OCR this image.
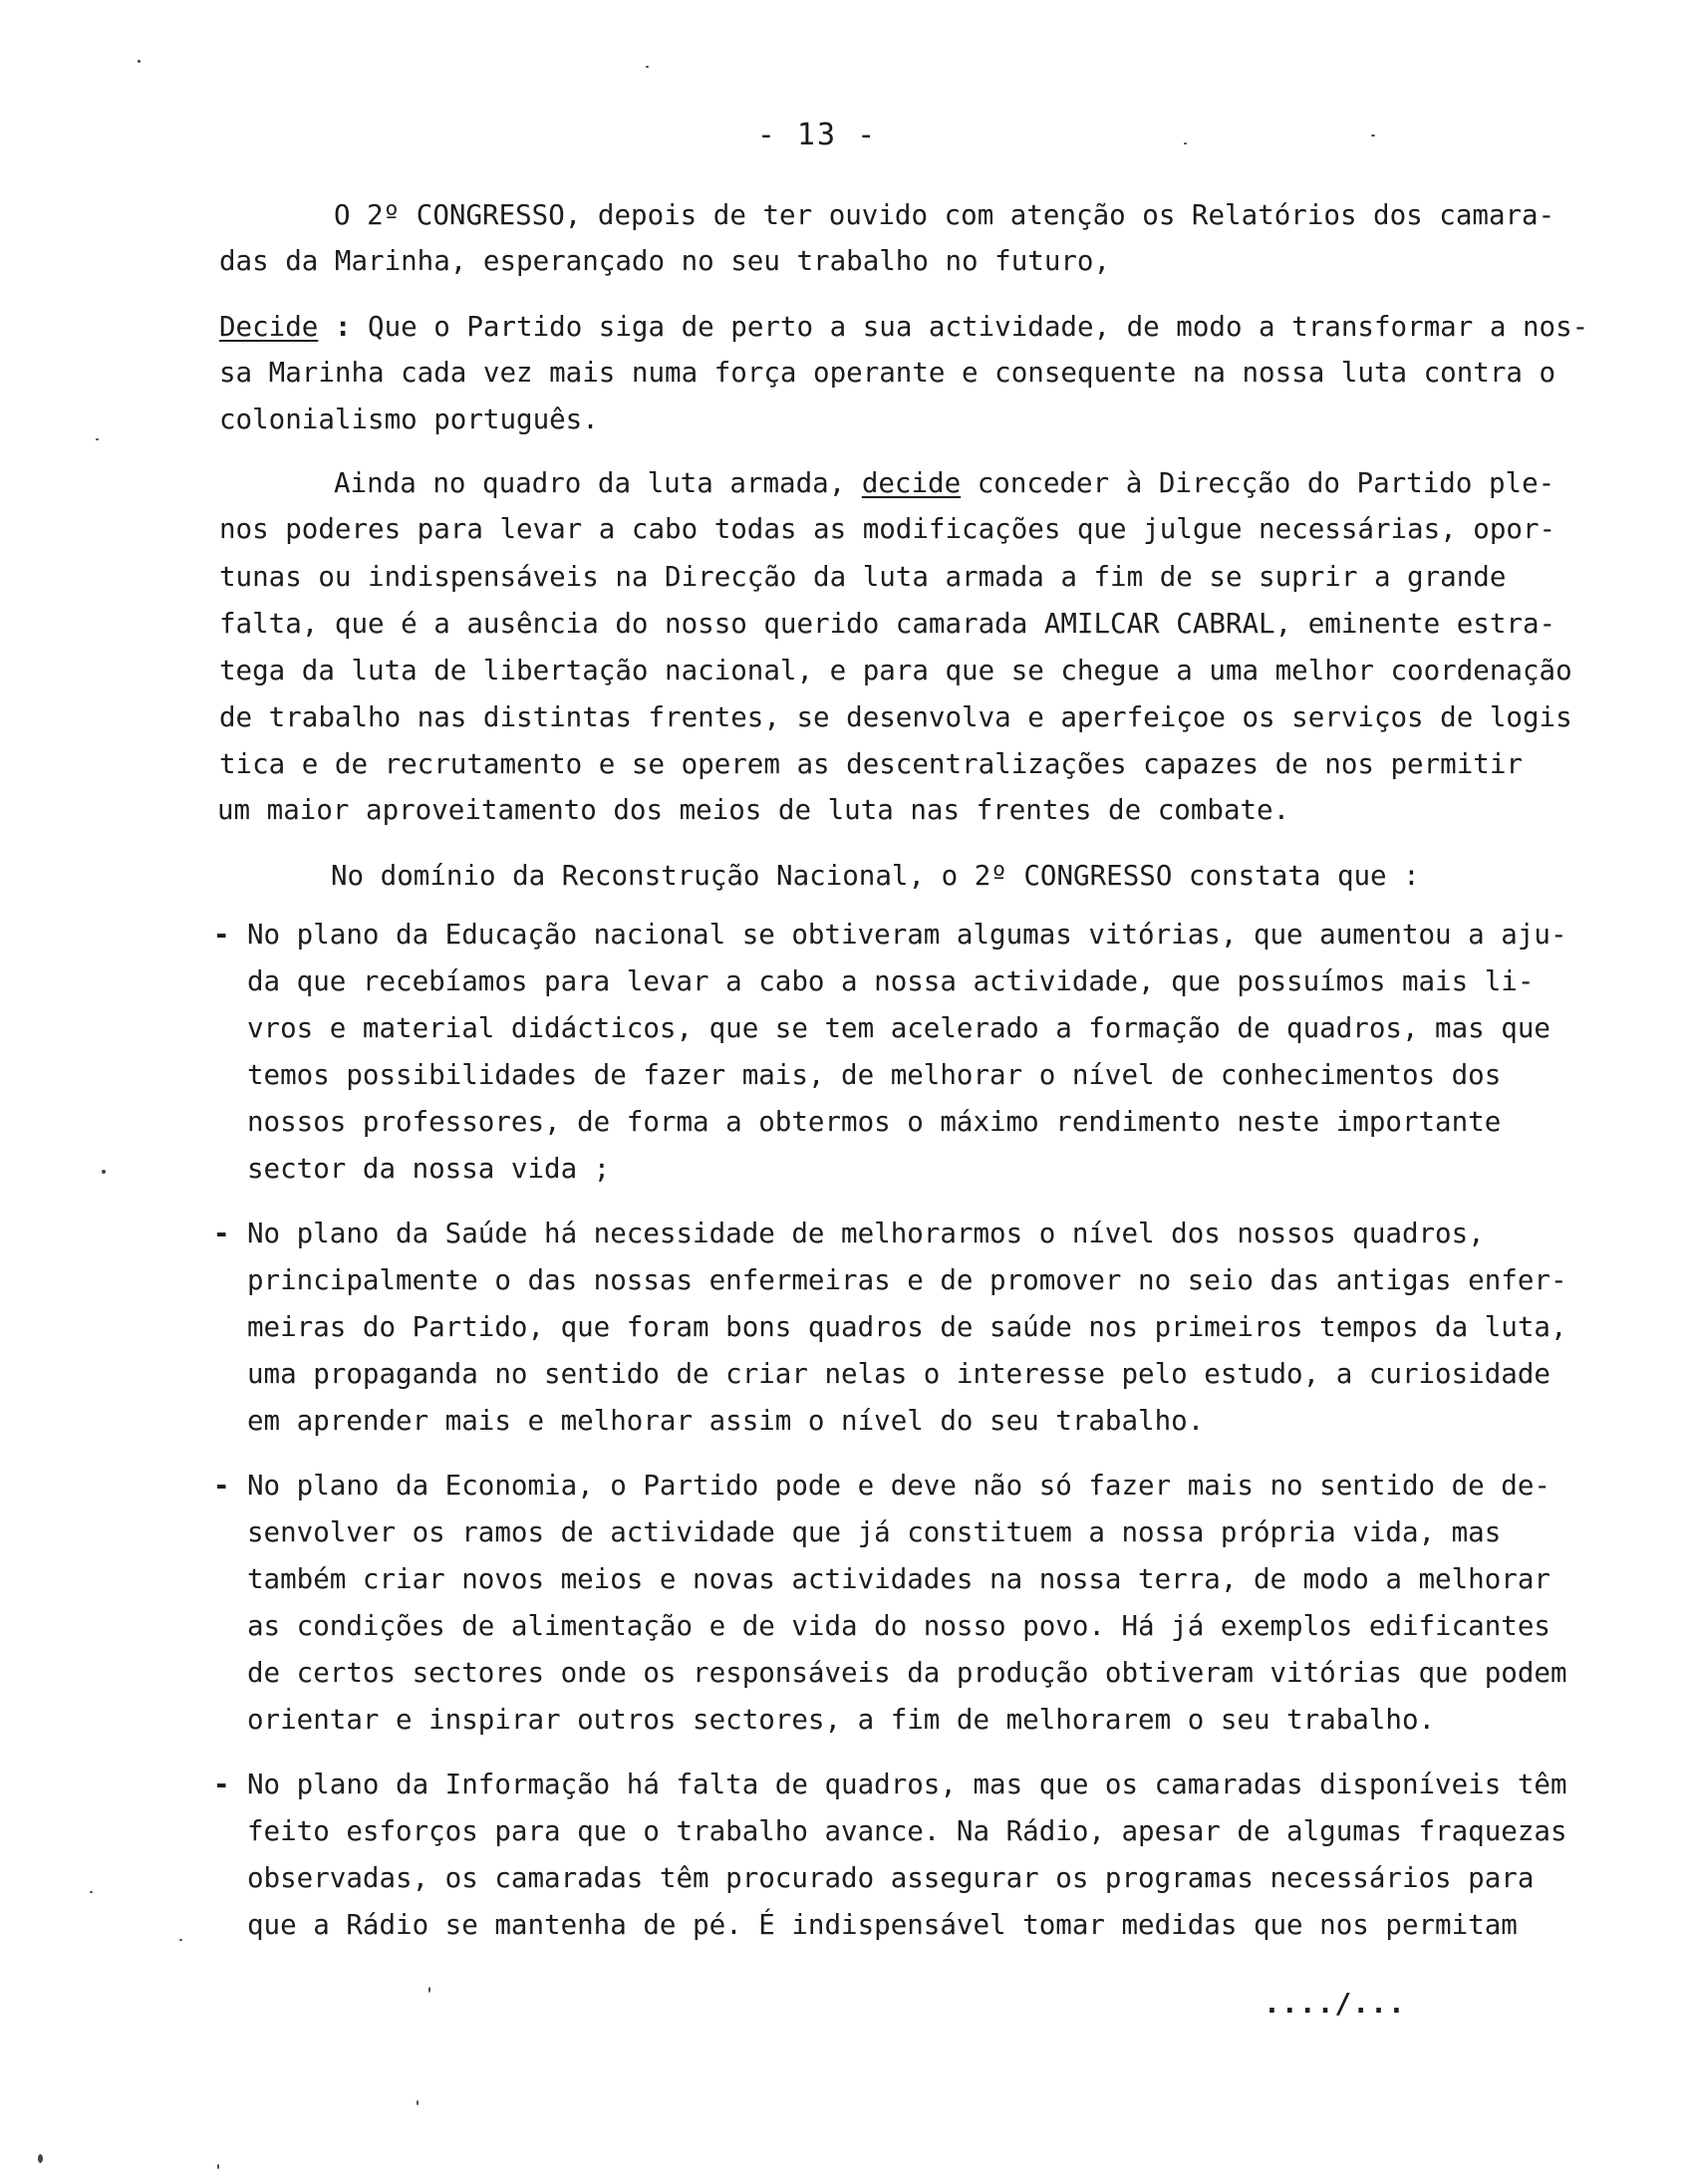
- 13 -
O 2º CONGRESSO, depois de ter ouvido com atenção os Relatórios dos camara-
das da Marinha, esperançado no seu trabalho no futuro,
Decide : Que o Partido siga de perto a sua actividade, de modo a transformar a nos-
sa Marinha cada vez mais numa força operante e consequente na nossa luta contra o
colonialismo português.
Ainda no quadro da luta armada, decide conceder à Direcção do Partido ple-
nos poderes para levar a cabo todas as modificações que julgue necessárias, opor-
tunas ou indispensáveis na Direcção da luta armada a fim de se suprir a grande
falta, que é a ausência do nosso querido camarada AMILCAR CABRAL, eminente estra-
tega da luta de libertação nacional, e para que se chegue a uma melhor coordenação
de trabalho nas distintas frentes, se desenvolva e aperfeiçoe os serviços de logis
tica e de recrutamento e se operem as descentralizações capazes de nos permitir
um maior aproveitamento dos meios de luta nas frentes de combate.
No domínio da Reconstrução Nacional, o 2º CONGRESSO constata que :
- No plano da Educação nacional se obtiveram algumas vitórias, que aumentou a aju-
da que recebíamos para levar a cabo a nossa actividade, que possuímos mais li-
vros e material didácticos, que se tem acelerado a formação de quadros, mas que
temos possibilidades de fazer mais, de melhorar o nível de conhecimentos dos
nossos professores, de forma a obtermos o máximo rendimento neste importante
sector da nossa vida ;
- No plano da Saúde há necessidade de melhorarmos o nível dos nossos quadros,
principalmente o das nossas enfermeiras e de promover no seio das antigas enfer-
meiras do Partido, que foram bons quadros de saúde nos primeiros tempos da luta,
uma propaganda no sentido de criar nelas o interesse pelo estudo, a curiosidade
em aprender mais e melhorar assim o nível do seu trabalho.
- No plano da Economia, o Partido pode e deve não só fazer mais no sentido de de-
senvolver os ramos de actividade que já constituem a nossa própria vida, mas
também criar novos meios e novas actividades na nossa terra, de modo a melhorar
as condições de alimentação e de vida do nosso povo. Há já exemplos edificantes
de certos sectores onde os responsáveis da produção obtiveram vitórias que podem
orientar e inspirar outros sectores, a fim de melhorarem o seu trabalho.
- No plano da Informação há falta de quadros, mas que os camaradas disponíveis têm
feito esforços para que o trabalho avance. Na Rádio, apesar de algumas fraquezas
observadas, os camaradas têm procurado assegurar os programas necessários para
que a Rádio se mantenha de pé. É indispensável tomar medidas que nos permitam
..../...
